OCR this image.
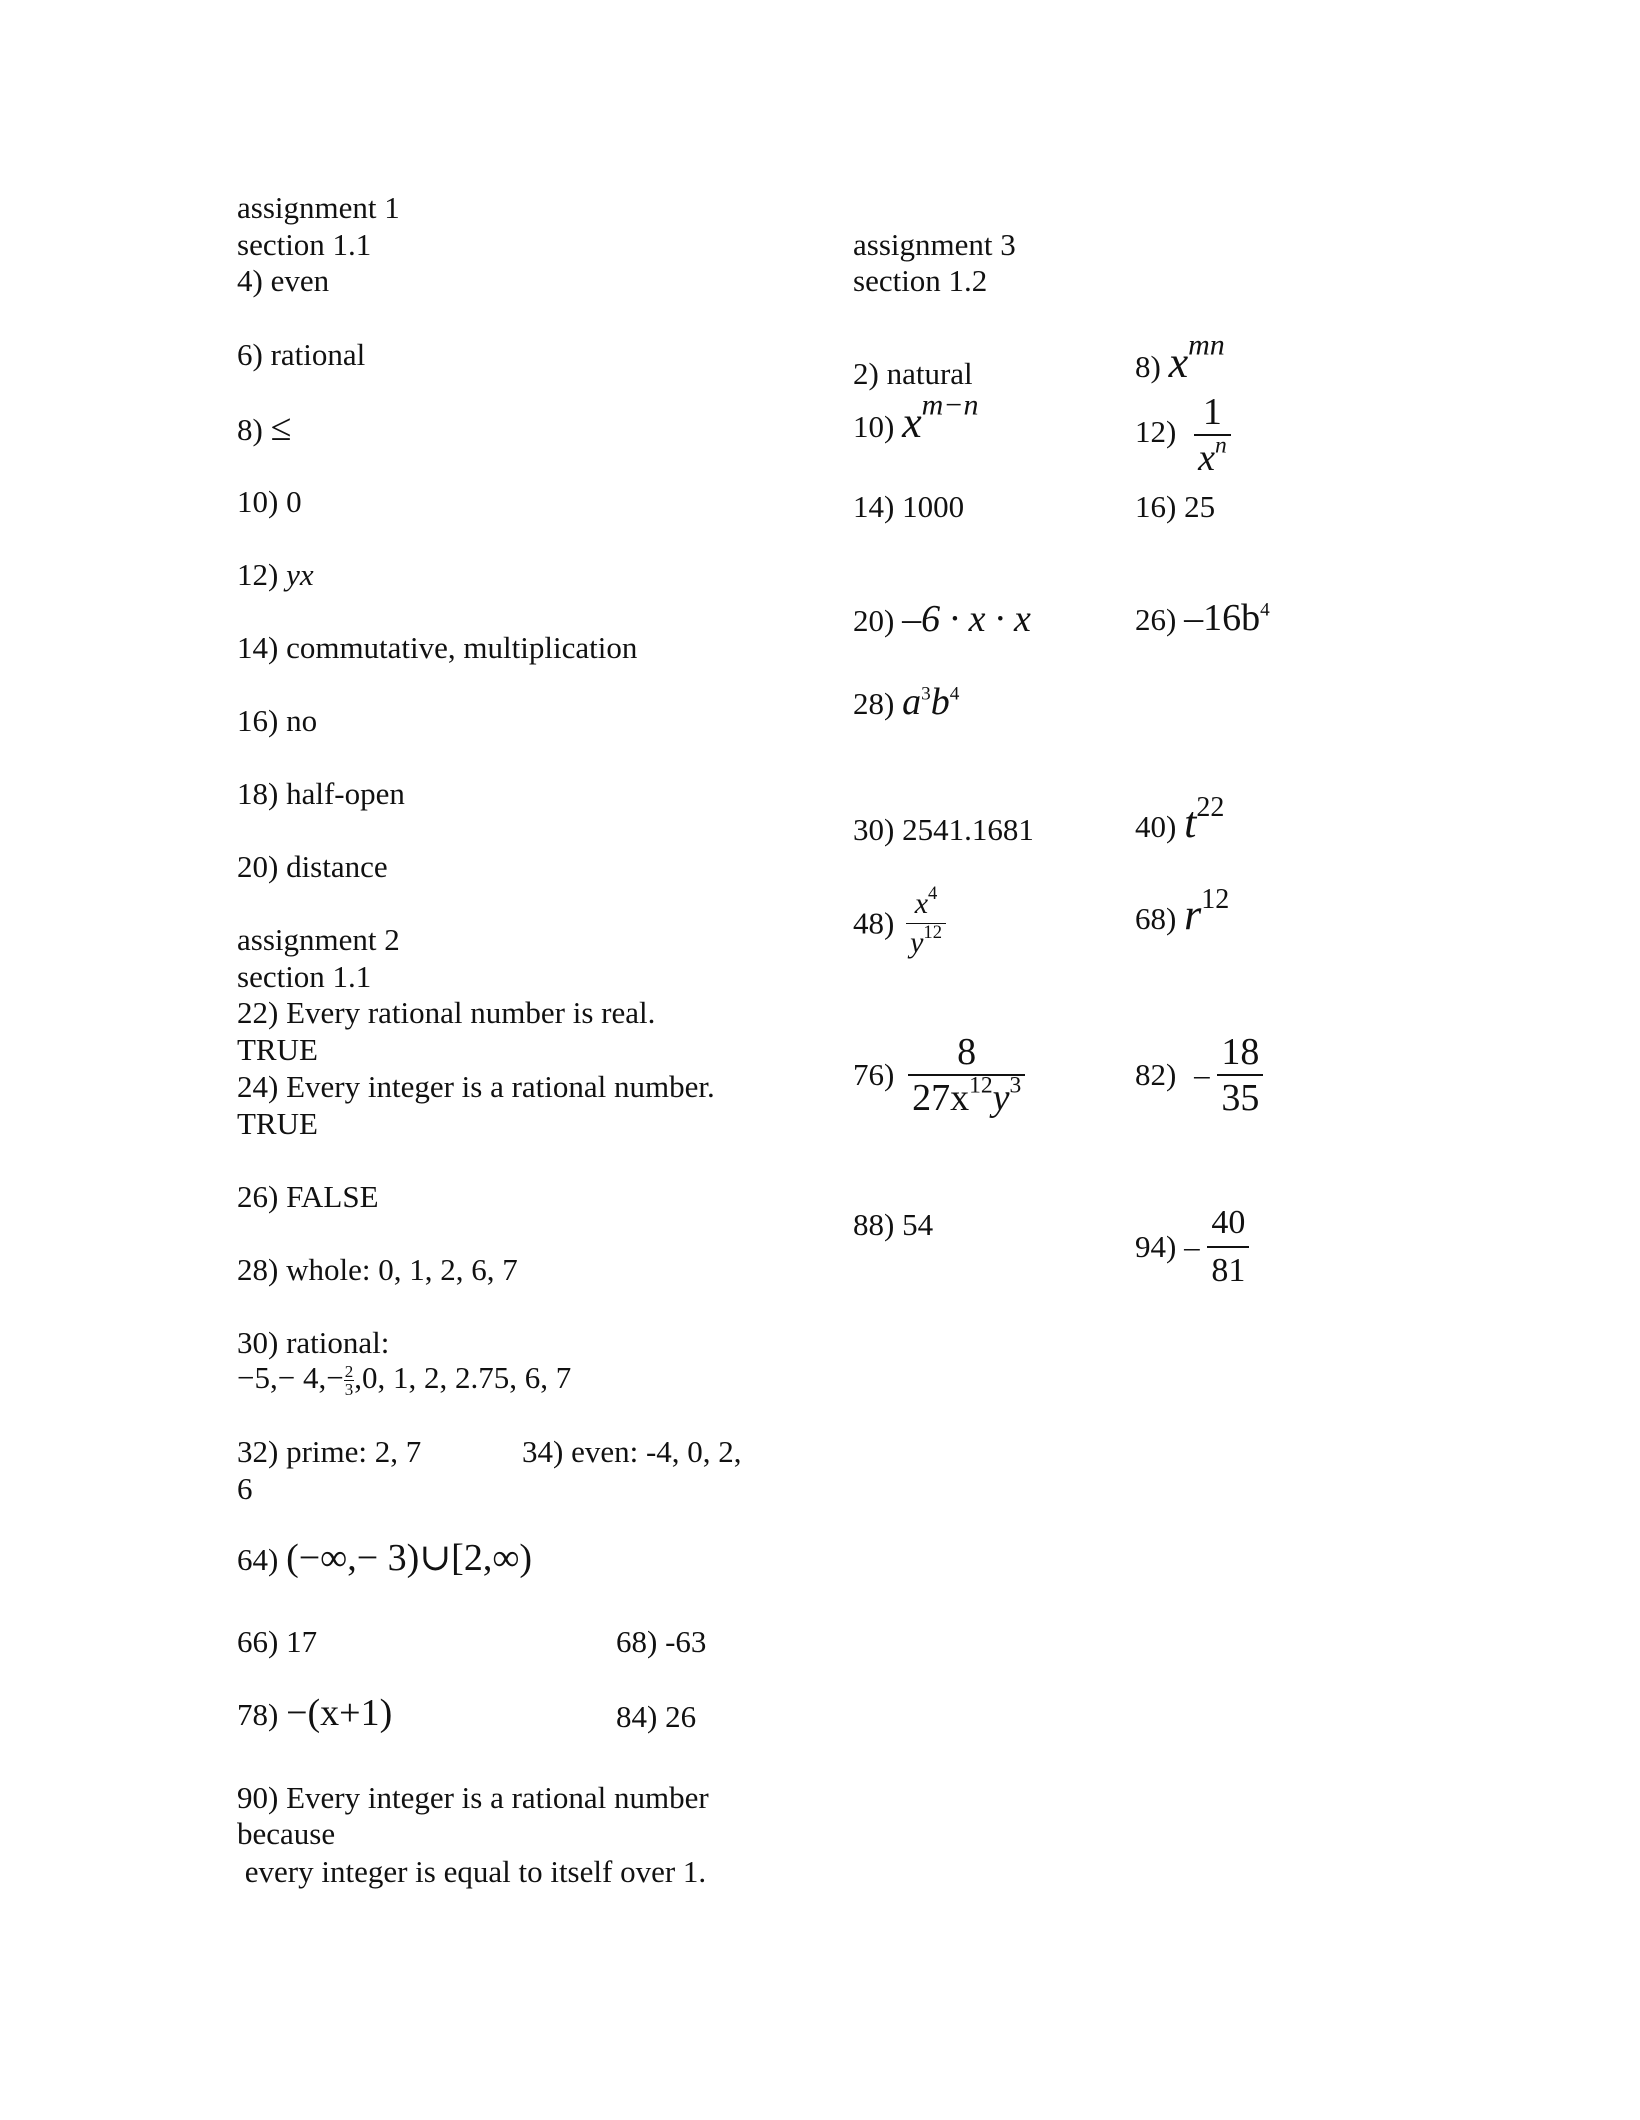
assignment 1
section 1.1
4) even
6) rational
8) ≤
10) 0
12) yx
14) commutative, multiplication
16) no
18) half-open
20) distance
assignment 2
section 1.1
22) Every rational number is real.
TRUE
24) Every integer is a rational number.
TRUE
26) FALSE
28) whole: 0, 1, 2, 6, 7
30) rational:
$-5,- 4,- \frac{2}{3} ,0$, 1, 2, 2.75, 6, 7
32) prime: 2, 7	34) even: -4, 0, 2,
6
64) (−∞,− 3)∪[2,∞)
66) 17	68) -63
78) −(x+1)	84) 26
90) Every integer is a rational number because
every integer is equal to itself over 1.
assignment 3
section 1.2
2) natural	8) $x^{mn}$
10) $x^{m-n}$
$12) \frac{1}{x^n}$
14) 1000	16) 25
20) –6 · x · x	26) $-16b^4$
28) $a^3b^4$
30) 2541.1681	40) $t^{22}$
$48) \frac{x^4}{y^{12}}$	68) $r^{12}$
$76) \frac{8}{27x^{12}y^3}$	$82) - \frac{18}{35}$
88) 54
$94) - \frac{40}{81}$
